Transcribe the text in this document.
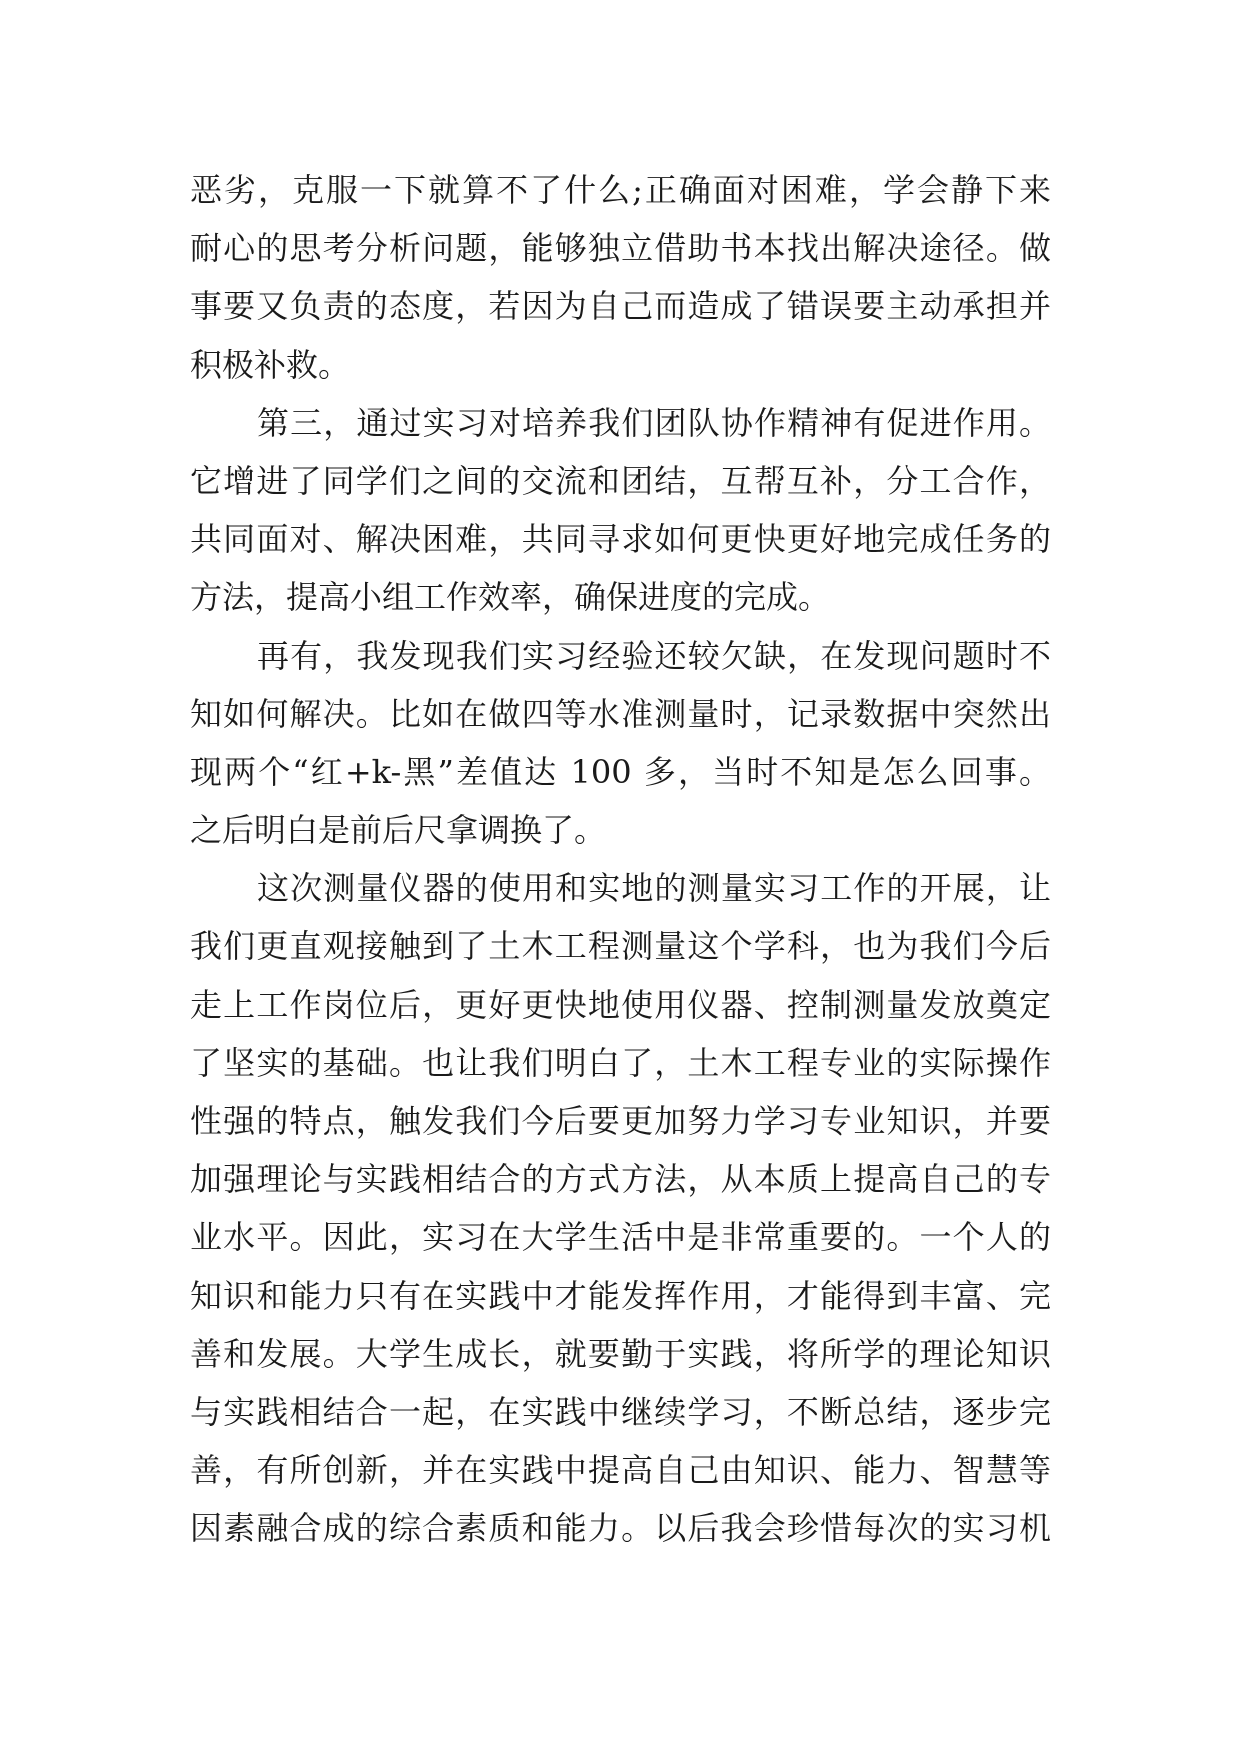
恶劣，克服一下就算不了什么;正确面对困难，学会静下来
耐心的思考分析问题，能够独立借助书本找出解决途径。做
事要又负责的态度，若因为自己而造成了错误要主动承担并
积极补救。
第三，通过实习对培养我们团队协作精神有促进作用。
它增进了同学们之间的交流和团结，互帮互补，分工合作，
共同面对、解决困难，共同寻求如何更快更好地完成任务的
方法，提高小组工作效率，确保进度的完成。
再有，我发现我们实习经验还较欠缺，在发现问题时不
知如何解决。比如在做四等水准测量时，记录数据中突然出
现两个“红+k-黑”差值达 100 多，当时不知是怎么回事。
之后明白是前后尺拿调换了。
这次测量仪器的使用和实地的测量实习工作的开展，让
我们更直观接触到了土木工程测量这个学科，也为我们今后
走上工作岗位后，更好更快地使用仪器、控制测量发放奠定
了坚实的基础。也让我们明白了，土木工程专业的实际操作
性强的特点，触发我们今后要更加努力学习专业知识，并要
加强理论与实践相结合的方式方法，从本质上提高自己的专
业水平。因此，实习在大学生活中是非常重要的。一个人的
知识和能力只有在实践中才能发挥作用，才能得到丰富、完
善和发展。大学生成长，就要勤于实践，将所学的理论知识
与实践相结合一起，在实践中继续学习，不断总结，逐步完
善，有所创新，并在实践中提高自己由知识、能力、智慧等
因素融合成的综合素质和能力。以后我会珍惜每次的实习机
